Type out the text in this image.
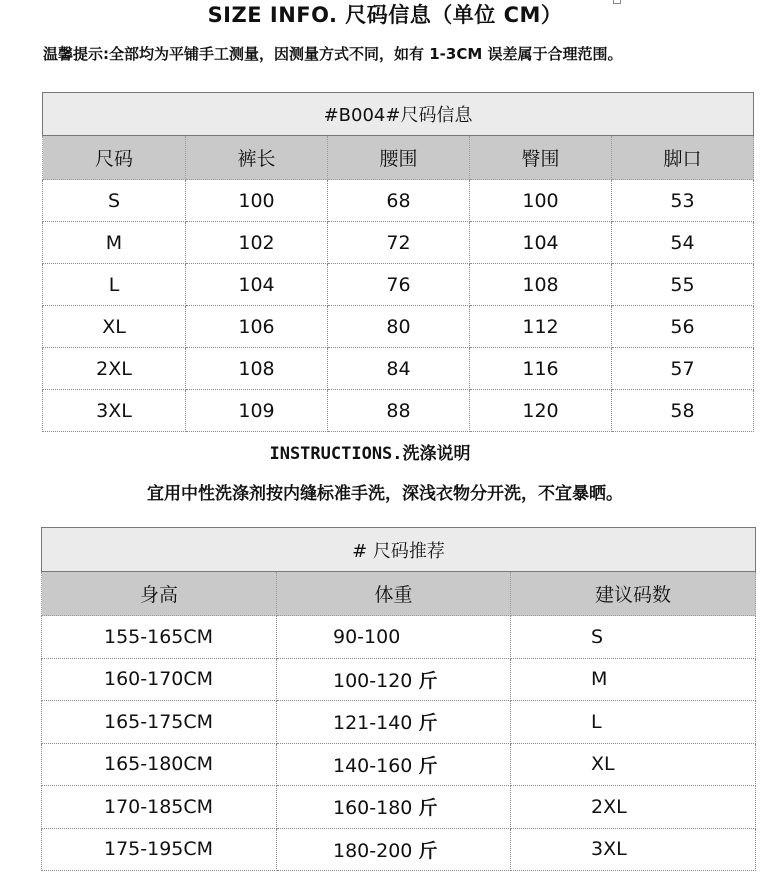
SIZE INFO. 尺码信息（单位 CM）
温馨提示:全部均为平铺手工测量，因测量方式不同，如有 1-3CM 误差属于合理范围。
#B004#尺码信息				
尺码	裤长	腰围	臀围	脚口
S	100	68	100	53
M	102	72	104	54
L	104	76	108	55
XL	106	80	112	56
2XL	108	84	116	57
3XL	109	88	120	58
INSTRUCTIONS.洗涤说明
宜用中性洗涤剂按内缝标准手洗，深浅衣物分开洗，不宜暴晒。
# 尺码推荐		
身高	体重	建议码数
155-165CM	90-100	S
160-170CM	100-120 斤	M
165-175CM	121-140 斤	L
165-180CM	140-160 斤	XL
170-185CM	160-180 斤	2XL
175-195CM	180-200 斤	3XL
